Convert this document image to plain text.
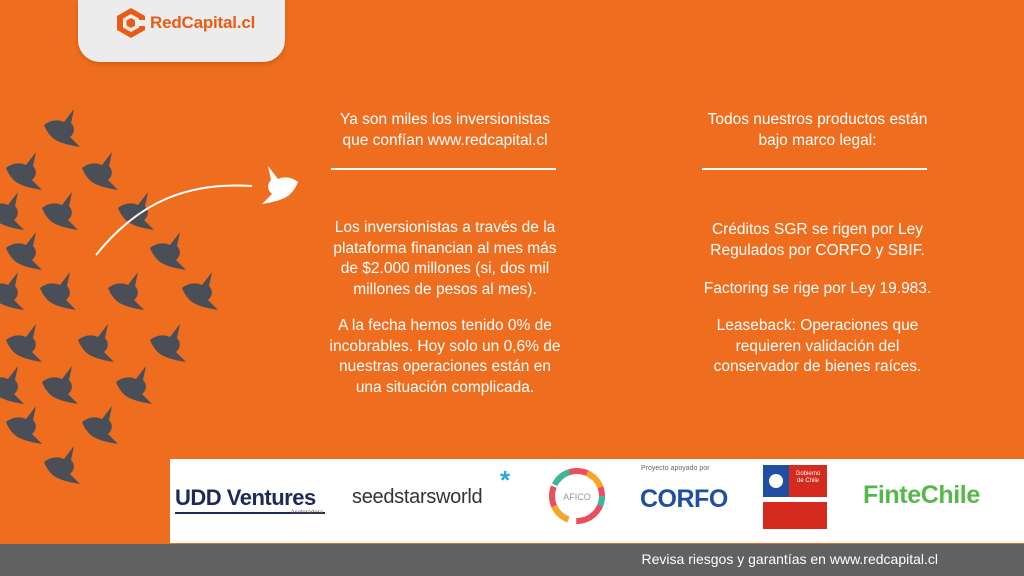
RedCapital.cl
Ya son miles los inversionistas
que confían www.redcapital.cl
Los inversionistas a través de la
plataforma financian al mes más
de $2.000 millones (si, dos mil
millones de pesos al mes).
A la fecha hemos tenido 0% de
incobrables. Hoy solo un 0,6% de
nuestras operaciones están en
una situación complicada.
Todos nuestros productos están
bajo marco legal:
Créditos SGR se rigen por Ley
Regulados por CORFO y SBIF.
Factoring se rige por Ley 19.983.
Leaseback: Operaciones que
requieren validación del
conservador de bienes raíces.
UDD Ventures
Aceleradora
seedstarsworld
*
AFICO
Proyecto apoyado por
CORFO
Gobierno
de Chile FinteChile
Revisa riesgos y garantías en www.redcapital.cl
